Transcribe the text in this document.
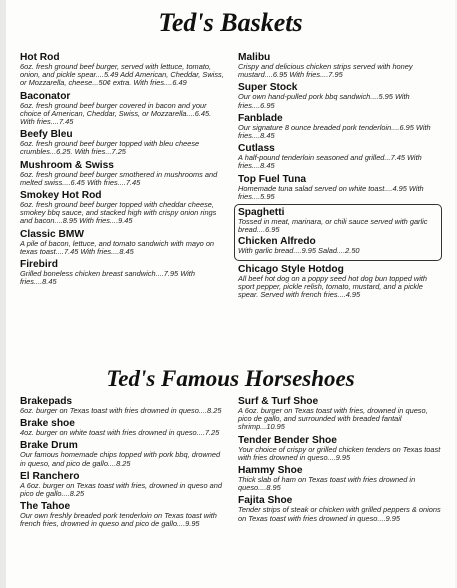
Ted's Baskets
Hot Rod
6oz. fresh ground beef burger, served with lettuce, tomato, onion, and pickle spear....5.49 Add American, Cheddar, Swiss, or Mozzarella, cheese...50¢ extra. With fries....6.49
Baconator
6oz. fresh ground beef burger covered in bacon and your choice of American, Cheddar, Swiss, or Mozzarella....6.45. With fries....7.45
Beefy Bleu
6oz. fresh ground beef burger topped with bleu cheese crumbles...6.25. With fries...7.25
Mushroom & Swiss
6oz. fresh ground beef burger smothered in mushrooms and melted swiss....6.45 With fries....7.45
Smokey Hot Rod
6oz. fresh ground beef burger topped with cheddar cheese, smokey bbq sauce, and stacked high with crispy onion rings and bacon....8.95 With fries....9.45
Classic BMW
A pile of bacon, lettuce, and tomato sandwich with mayo on texas toast....7.45 With fries....8.45
Firebird
Grilled boneless chicken breast sandwich....7.95 With fries....8.45
Malibu
Crispy and delicious chicken strips served with honey mustard....6.95 With fries....7.95
Super Stock
Our own hand-pulled pork bbq sandwich....5.95 With fries....6.95
Fanblade
Our signature 8 ounce breaded pork tenderloin....6.95 With fries....8.45
Cutlass
A half-pound tenderloin seasoned and grilled...7.45 With fries....8.45
Top Fuel Tuna
Homemade tuna salad served on white toast....4.95 With fries....5.95
Spaghetti
Tossed in meat, marinara, or chili sauce served with garlic bread....6.95
Chicken Alfredo
With garlic bread....9.95 Salad....2.50
Chicago Style Hotdog
All beef hot dog on a poppy seed hot dog bun topped with sport pepper, pickle relish, tomato, mustard, and a pickle spear. Served with french fries....4.95
Ted's Famous Horseshoes
Brakepads
6oz. burger on Texas toast with fries drowned in queso....8.25
Brake shoe
4oz. burger on white toast with fries drowned in queso....7.25
Brake Drum
Our famous homemade chips topped with pork bbq, drowned in queso, and pico de gallo....8.25
El Ranchero
A 6oz. burger on Texas toast with fries, drowned in queso and pico de gallo....8.25
The Tahoe
Our own freshly breaded pork tenderloin on Texas toast with french fries, drowned in queso and pico de gallo....9.95
Surf & Turf Shoe
A 6oz. burger on Texas toast with fries, drowned in queso, pico de gallo, and surrounded with breaded fantail shrimp...10.95
Tender Bender Shoe
Your choice of crispy or grilled chicken tenders on Texas toast with fries drowned in queso....9.95
Hammy Shoe
Thick slab of ham on Texas toast with fries drowned in queso....8.95
Fajita Shoe
Tender strips of steak or chicken with grilled peppers & onions on Texas toast with fries drowned in queso....9.95
